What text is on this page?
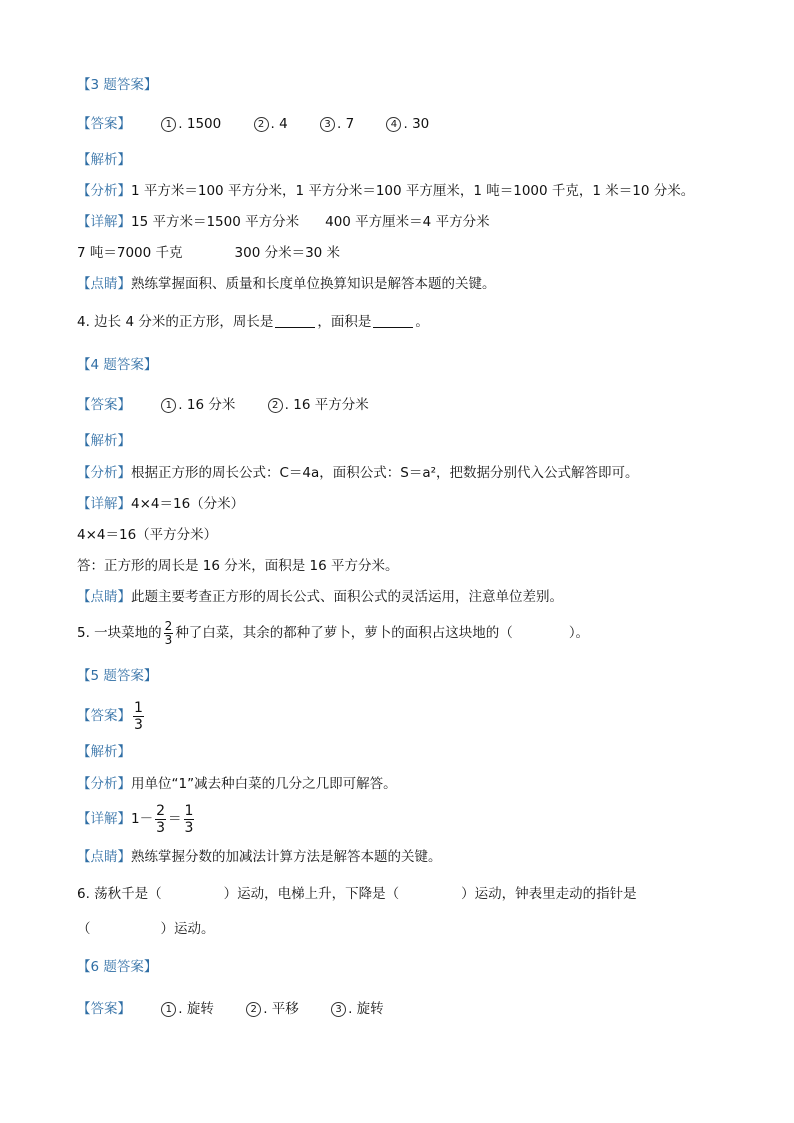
【3 题答案】
【答案】	1 . 1500	2 . 4	3 . 7	4 . 30
【解析】
【分析】1 平方米＝100 平方分米，1 平方分米＝100 平方厘米，1 吨＝1000 千克，1 米＝10 分米。
【详解】15 平方米＝1500 平方分米 400 平方厘米＝4 平方分米
7 吨＝7000 千克	300 分米＝30 米
【点睛】熟练掌握面积、质量和长度单位换算知识是解答本题的关键。
4. 边长 4 分米的正方形，周长是	，面积是	。
【4 题答案】
【答案】	1 . 16 分米	2 . 16 平方分米
【解析】
【分析】根据正方形的周长公式：C＝4a，面积公式：S＝a²，把数据分别代入公式解答即可。
【详解】4×4＝16（分米）
4×4＝16（平方分米）
答：正方形的周长是 16 分米，面积是 16 平方分米。
【点睛】此题主要考查正方形的周长公式、面积公式的灵活运用，注意单位差别。
5. 一块菜地的 $\frac{2}{3}$ 种了白菜，其余的都种了萝卜，萝卜的面积占这块地的（	）。
【5 题答案】
【答案】 $\frac{1}{3}$
【解析】
【分析】用单位“1”减去种白菜的几分之几即可解答。
【详解】$1- \frac{2}{3} = \frac{1}{3}$
【点睛】熟练掌握分数的加减法计算方法是解答本题的关键。
6. 荡秋千是（	）运动，电梯上升，下降是（	）运动，钟表里走动的指针是
（	）运动。
【6 题答案】
【答案】	1 . 旋转	2 . 平移	3 . 旋转
